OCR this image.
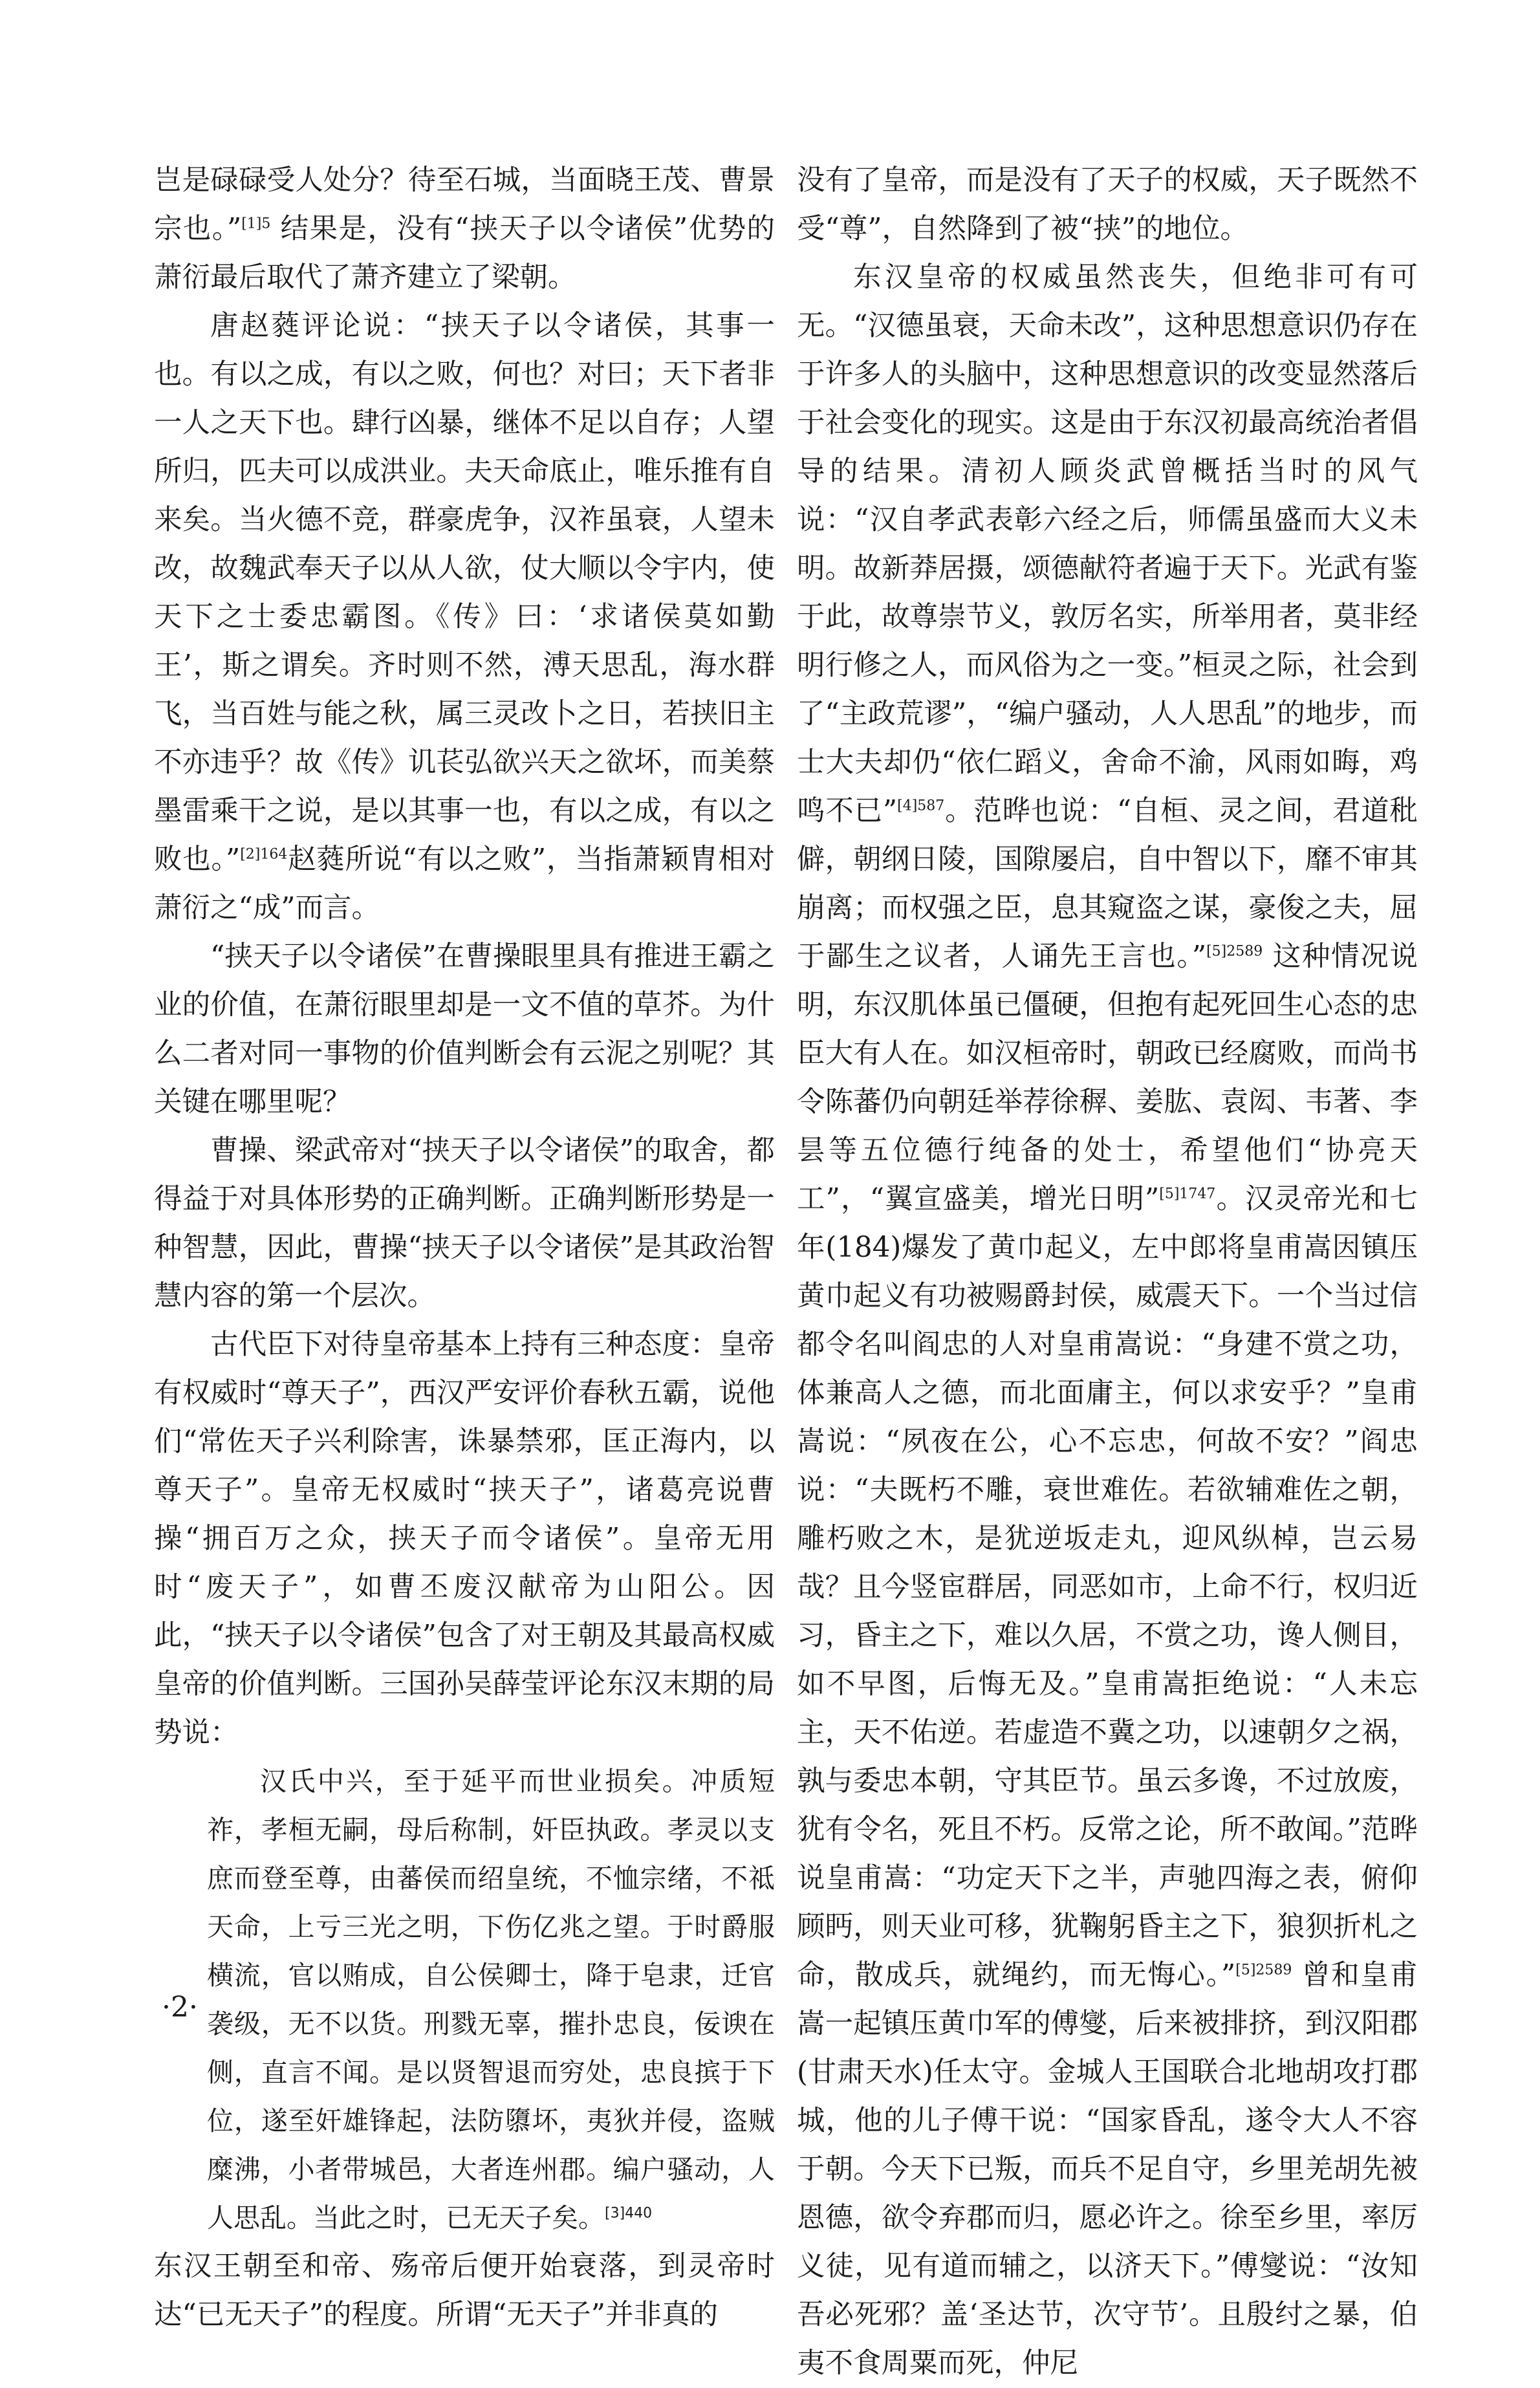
岂是碌碌受人处分？待至石城，当面晓王茂、曹景宗也。”$^{[1]5}$ 结果是，没有“挟天子以令诸侯”优势的萧衍最后取代了萧齐建立了梁朝。

唐赵蕤评论说：“挟天子以令诸侯，其事一也。有以之成，有以之败，何也？对曰；天下者非一人之天下也。肆行凶暴，继体不足以自存；人望所归，匹夫可以成洪业。夫天命底止，唯乐推有自来矣。当火德不竞，群豪虎争，汉祚虽衰，人望未改，故魏武奉天子以从人欲，仗大顺以令宇内，使天下之士委忠霸图。《传》曰：‘求诸侯莫如勤王’，斯之谓矣。齐时则不然，溥天思乱，海水群飞，当百姓与能之秋，属三灵改卜之日，若挟旧主不亦违乎？故《传》讥苌弘欲兴天之欲坏，而美蔡墨雷乘干之说，是以其事一也，有以之成，有以之败也。”$^{[2]164}$赵蕤所说“有以之败”，当指萧颖胄相对萧衍之“成”而言。

“挟天子以令诸侯”在曹操眼里具有推进王霸之业的价值，在萧衍眼里却是一文不值的草芥。为什么二者对同一事物的价值判断会有云泥之别呢？其关键在哪里呢？

曹操、梁武帝对“挟天子以令诸侯”的取舍，都得益于对具体形势的正确判断。正确判断形势是一种智慧，因此，曹操“挟天子以令诸侯”是其政治智慧内容的第一个层次。

古代臣下对待皇帝基本上持有三种态度：皇帝有权威时“尊天子”，西汉严安评价春秋五霸，说他们“常佐天子兴利除害，诛暴禁邪，匡正海内，以尊天子”。皇帝无权威时“挟天子”，诸葛亮说曹操“拥百万之众，挟天子而令诸侯”。皇帝无用时“废天子”，如曹丕废汉献帝为山阳公。因此，“挟天子以令诸侯”包含了对王朝及其最高权威皇帝的价值判断。三国孙吴薛莹评论东汉末期的局势说：

汉氏中兴，至于延平而世业损矣。冲质短祚，孝桓无嗣，母后称制，奸臣执政。孝灵以支庶而登至尊，由蕃侯而绍皇统，不恤宗绪，不祗天命，上亏三光之明，下伤亿兆之望。于时爵服横流，官以贿成，自公侯卿士，降于皂隶，迁官袭级，无不以货。刑戮无辜，摧扑忠良，佞谀在侧，直言不闻。是以贤智退而穷处，忠良摈于下位，遂至奸雄锋起，法防隳坏，夷狄并侵，盗贼糜沸，小者带城邑，大者连州郡。编户骚动，人人思乱。当此之时，已无天子矣。$^{[3]440}$

东汉王朝至和帝、殇帝后便开始衰落，到灵帝时达“已无天子”的程度。所谓“无天子”并非真的

没有了皇帝，而是没有了天子的权威，天子既然不受“尊”，自然降到了被“挟”的地位。

东汉皇帝的权威虽然丧失，但绝非可有可无。“汉德虽衰，天命未改”，这种思想意识仍存在于许多人的头脑中，这种思想意识的改变显然落后于社会变化的现实。这是由于东汉初最高统治者倡导的结果。清初人顾炎武曾概括当时的风气说：“汉自孝武表彰六经之后，师儒虽盛而大义未明。故新莽居摄，颂德献符者遍于天下。光武有鉴于此，故尊崇节义，敦厉名实，所举用者，莫非经明行修之人，而风俗为之一变。”桓灵之际，社会到了“主政荒谬”，“编户骚动，人人思乱”的地步，而士大夫却仍“依仁蹈义，舍命不渝，风雨如晦，鸡鸣不已”$^{[4]587}$。范晔也说：“自桓、灵之间，君道秕僻，朝纲日陵，国隙屡启，自中智以下，靡不审其崩离；而权强之臣，息其窥盗之谋，豪俊之夫，屈于鄙生之议者，人诵先王言也。”$^{[5]2589}$ 这种情况说明，东汉肌体虽已僵硬，但抱有起死回生心态的忠臣大有人在。如汉桓帝时，朝政已经腐败，而尚书令陈蕃仍向朝廷举荐徐稺、姜肱、袁闳、韦著、李昙等五位德行纯备的处士，希望他们“协亮天工”，“翼宣盛美，增光日明”$^{[5]1747}$。汉灵帝光和七年(184)爆发了黄巾起义，左中郎将皇甫嵩因镇压黄巾起义有功被赐爵封侯，威震天下。一个当过信都令名叫阎忠的人对皇甫嵩说：“身建不赏之功，体兼高人之德，而北面庸主，何以求安乎？”皇甫嵩说：“夙夜在公，心不忘忠，何故不安？”阎忠说：“夫既朽不雕，衰世难佐。若欲辅难佐之朝，雕朽败之木，是犹逆坂走丸，迎风纵棹，岂云易哉？且今竖宦群居，同恶如市，上命不行，权归近习，昏主之下，难以久居，不赏之功，谗人侧目，如不早图，后悔无及。”皇甫嵩拒绝说：“人未忘主，天不佑逆。若虚造不冀之功，以速朝夕之祸，孰与委忠本朝，守其臣节。虽云多谗，不过放废，犹有令名，死且不朽。反常之论，所不敢闻。”范晔说皇甫嵩：“功定天下之半，声驰四海之表，俯仰顾眄，则天业可移，犹鞠躬昏主之下，狼狈折札之命，散成兵，就绳约，而无悔心。”$^{[5]2589}$ 曾和皇甫嵩一起镇压黄巾军的傅燮，后来被排挤，到汉阳郡(甘肃天水)任太守。金城人王国联合北地胡攻打郡城，他的儿子傅干说：“国家昏乱，遂令大人不容于朝。今天下已叛，而兵不足自守，乡里羌胡先被恩德，欲令弃郡而归，愿必许之。徐至乡里，率厉义徒，见有道而辅之，以济天下。”傅燮说：“汝知吾必死邪？盖‘圣达节，次守节’。且殷纣之暴，伯夷不食周粟而死，仲尼

·2·
